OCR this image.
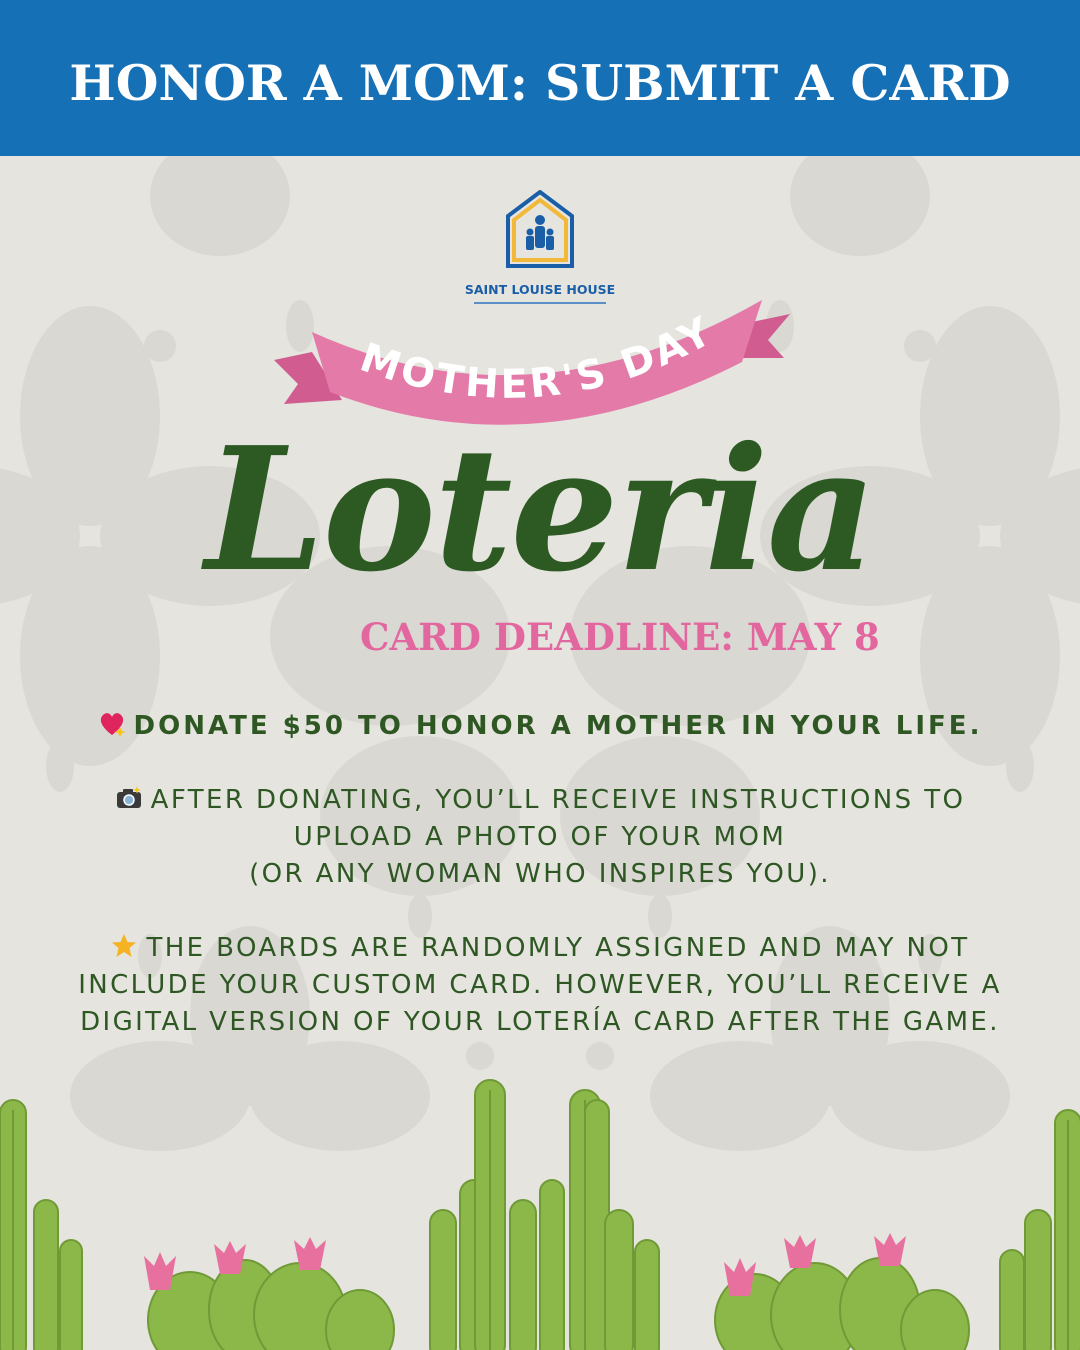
HONOR A MOM: SUBMIT A CARD
SAINT LOUISE HOUSE
MOTHER'S DAY
Loteria
CARD DEADLINE: MAY 8
DONATE $50 TO HONOR A MOTHER IN YOUR LIFE.
AFTER DONATING, YOU’LL RECEIVE INSTRUCTIONS TO
UPLOAD A PHOTO OF YOUR MOM
(OR ANY WOMAN WHO INSPIRES YOU).
THE BOARDS ARE RANDOMLY ASSIGNED AND MAY NOT
INCLUDE YOUR CUSTOM CARD. HOWEVER, YOU’LL RECEIVE A
DIGITAL VERSION OF YOUR LOTERÍA CARD AFTER THE GAME.
